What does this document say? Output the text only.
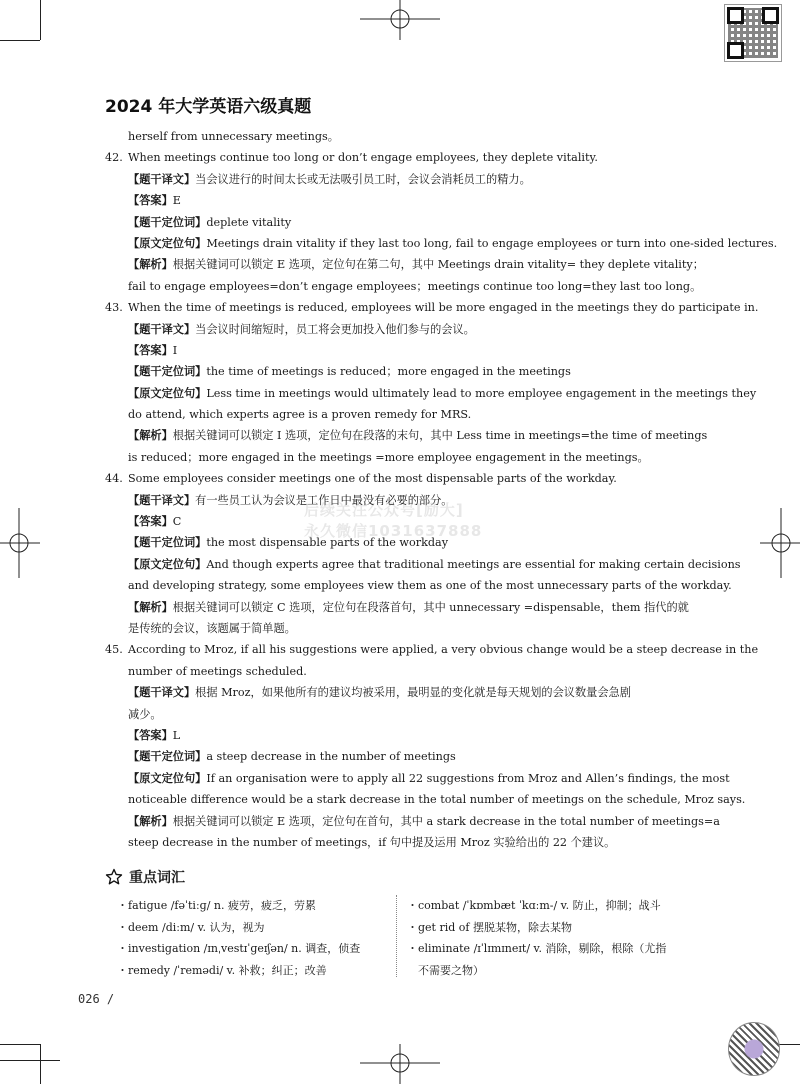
2024 年大学英语六级真题
herself from unnecessary meetings。
42. When meetings continue too long or don’t engage employees, they deplete vitality.
【题干译文】当会议进行的时间太长或无法吸引员工时，会议会消耗员工的精力。
【答案】E
【题干定位词】deplete vitality
【原文定位句】Meetings drain vitality if they last too long, fail to engage employees or turn into one-sided lectures.
【解析】根据关键词可以锁定 E 选项，定位句在第二句，其中 Meetings drain vitality= they deplete vitality；
fail to engage employees=don’t engage employees；meetings continue too long=they last too long。
43. When the time of meetings is reduced, employees will be more engaged in the meetings they do participate in.
【题干译文】当会议时间缩短时，员工将会更加投入他们参与的会议。
【答案】I
【题干定位词】the time of meetings is reduced；more engaged in the meetings
【原文定位句】Less time in meetings would ultimately lead to more employee engagement in the meetings they
do attend, which experts agree is a proven remedy for MRS.
【解析】根据关键词可以锁定 I 选项，定位句在段落的末句，其中 Less time in meetings=the time of meetings
is reduced；more engaged in the meetings =more employee engagement in the meetings。
44. Some employees consider meetings one of the most dispensable parts of the workday.
【题干译文】有一些员工认为会议是工作日中最没有必要的部分。
【答案】C
【题干定位词】the most dispensable parts of the workday
【原文定位句】And though experts agree that traditional meetings are essential for making certain decisions
and developing strategy, some employees view them as one of the most unnecessary parts of the workday.
【解析】根据关键词可以锁定 C 选项，定位句在段落首句，其中 unnecessary =dispensable，them 指代的就
是传统的会议，该题属于简单题。
45. According to Mroz, if all his suggestions were applied, a very obvious change would be a steep decrease in the
number of meetings scheduled.
【题干译文】根据 Mroz，如果他所有的建议均被采用，最明显的变化就是每天规划的会议数量会急剧
减少。
【答案】L
【题干定位词】a steep decrease in the number of meetings
【原文定位句】If an organisation were to apply all 22 suggestions from Mroz and Allen’s findings, the most
noticeable difference would be a stark decrease in the total number of meetings on the schedule, Mroz says.
【解析】根据关键词可以锁定 E 选项，定位句在首句，其中 a stark decrease in the total number of meetings=a
steep decrease in the number of meetings，if 句中提及运用 Mroz 实验给出的 22 个建议。
后续关注公众号[励大]
永久微信1031637888
重点词汇
・fatigue /fəˈtiːɡ/ n. 疲劳，疲乏，劳累
・deem /diːm/ v. 认为，视为
・investigation /ɪnˌvestɪˈɡeɪʃən/ n. 调查，侦查
・remedy /ˈremədi/ v. 补救；纠正；改善
・combat /ˈkɒmbæt ˈkɑːm-/ v. 防止，抑制；战斗
・get rid of 摆脱某物，除去某物
・eliminate /ɪˈlɪmɪneɪt/ v. 消除，剔除，根除（尤指
　不需要之物）
026 /
